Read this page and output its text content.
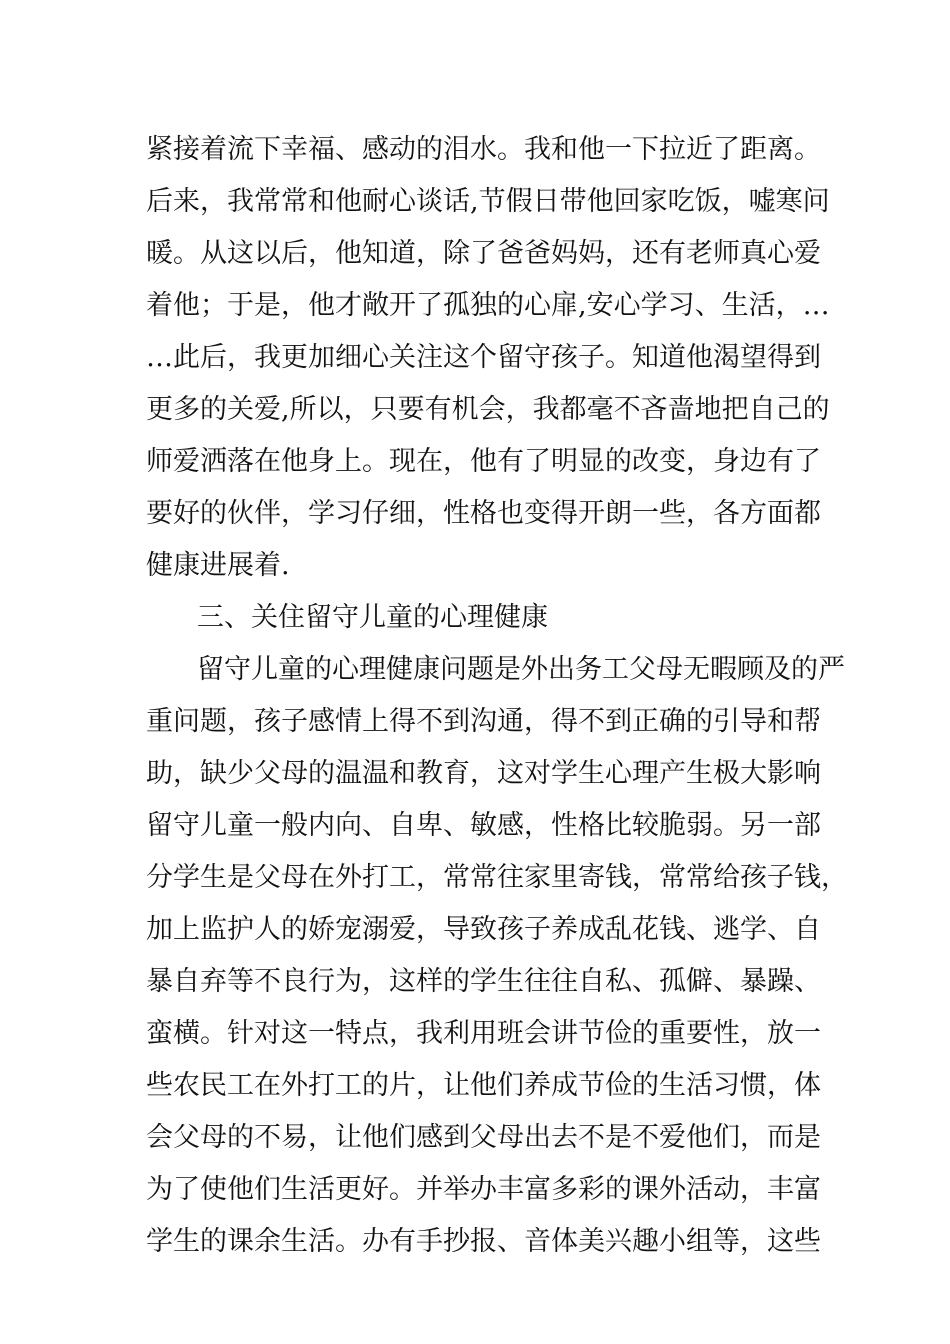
紧接着流下幸福、感动的泪水。我和他一下拉近了距离。
后来，我常常和他耐心谈话,节假日带他回家吃饭，嘘寒问
暖。从这以后，他知道，除了爸爸妈妈，还有老师真心爱
着他；于是，他才敞开了孤独的心扉,安心学习、生活，…
…此后，我更加细心关注这个留守孩子。知道他渴望得到
更多的关爱,所以，只要有机会，我都毫不吝啬地把自己的
师爱洒落在他身上。现在，他有了明显的改变，身边有了
要好的伙伴，学习仔细，性格也变得开朗一些，各方面都
健康进展着.
三、关住留守儿童的心理健康
留守儿童的心理健康问题是外出务工父母无暇顾及的严
重问题，孩子感情上得不到沟通，得不到正确的引导和帮
助，缺少父母的温温和教育，这对学生心理产生极大影响
留守儿童一般内向、自卑、敏感，性格比较脆弱。另一部
分学生是父母在外打工，常常往家里寄钱，常常给孩子钱，
加上监护人的娇宠溺爱，导致孩子养成乱花钱、逃学、自
暴自弃等不良行为，这样的学生往往自私、孤僻、暴躁、
蛮横。针对这一特点，我利用班会讲节俭的重要性，放一
些农民工在外打工的片，让他们养成节俭的生活习惯，体
会父母的不易，让他们感到父母出去不是不爱他们，而是
为了使他们生活更好。并举办丰富多彩的课外活动，丰富
学生的课余生活。办有手抄报、音体美兴趣小组等，这些
